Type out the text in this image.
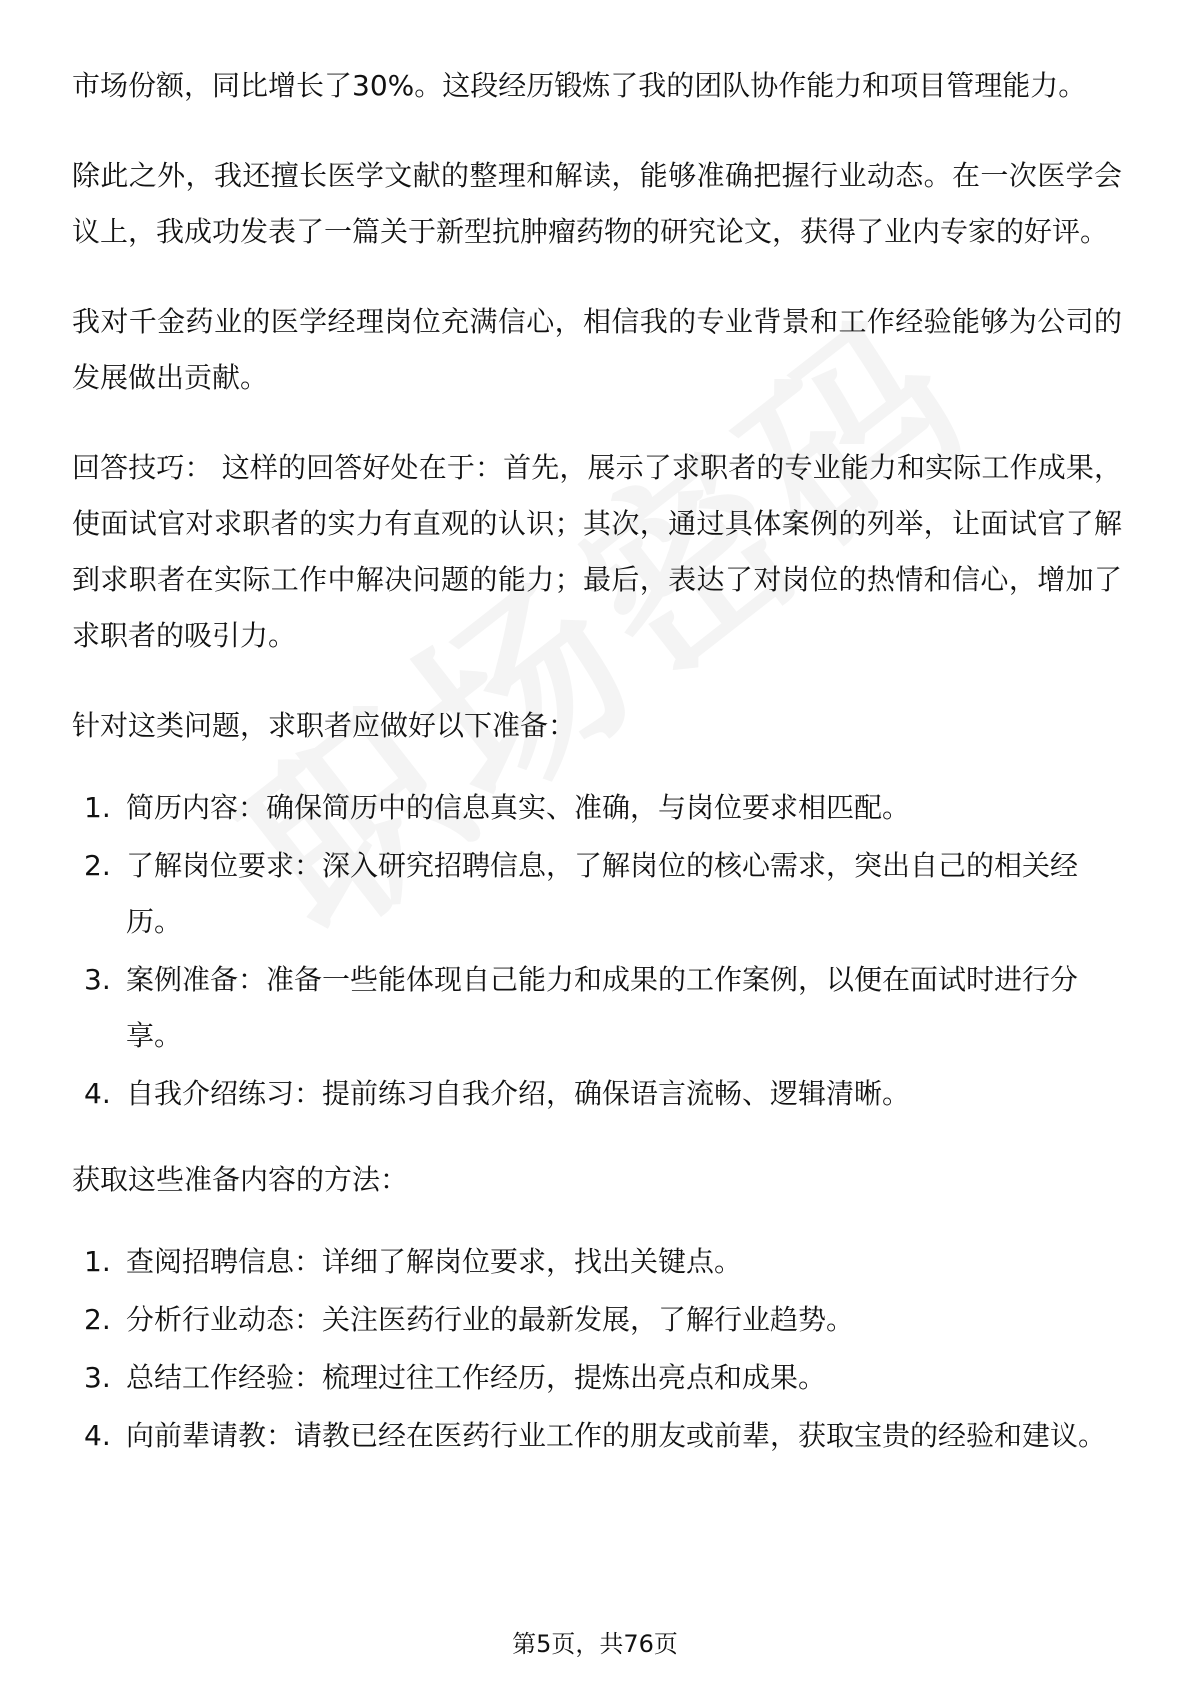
市场份额，同比增长了30%。这段经历锻炼了我的团队协作能力和项目管理能力。

除此之外，我还擅长医学文献的整理和解读，能够准确把握行业动态。在一次医学会议上，我成功发表了一篇关于新型抗肿瘤药物的研究论文，获得了业内专家的好评。

我对千金药业的医学经理岗位充满信心，相信我的专业背景和工作经验能够为公司的发展做出贡献。

回答技巧： 这样的回答好处在于：首先，展示了求职者的专业能力和实际工作成果，使面试官对求职者的实力有直观的认识；其次，通过具体案例的列举，让面试官了解到求职者在实际工作中解决问题的能力；最后，表达了对岗位的热情和信心，增加了求职者的吸引力。

针对这类问题，求职者应做好以下准备：

1. 简历内容：确保简历中的信息真实、准确，与岗位要求相匹配。
2. 了解岗位要求：深入研究招聘信息，了解岗位的核心需求，突出自己的相关经历。
3. 案例准备：准备一些能体现自己能力和成果的工作案例，以便在面试时进行分享。
4. 自我介绍练习：提前练习自我介绍，确保语言流畅、逻辑清晰。

获取这些准备内容的方法：

1. 查阅招聘信息：详细了解岗位要求，找出关键点。
2. 分析行业动态：关注医药行业的最新发展，了解行业趋势。
3. 总结工作经验：梳理过往工作经历，提炼出亮点和成果。
4. 向前辈请教：请教已经在医药行业工作的朋友或前辈，获取宝贵的经验和建议。
第5页，共76页
